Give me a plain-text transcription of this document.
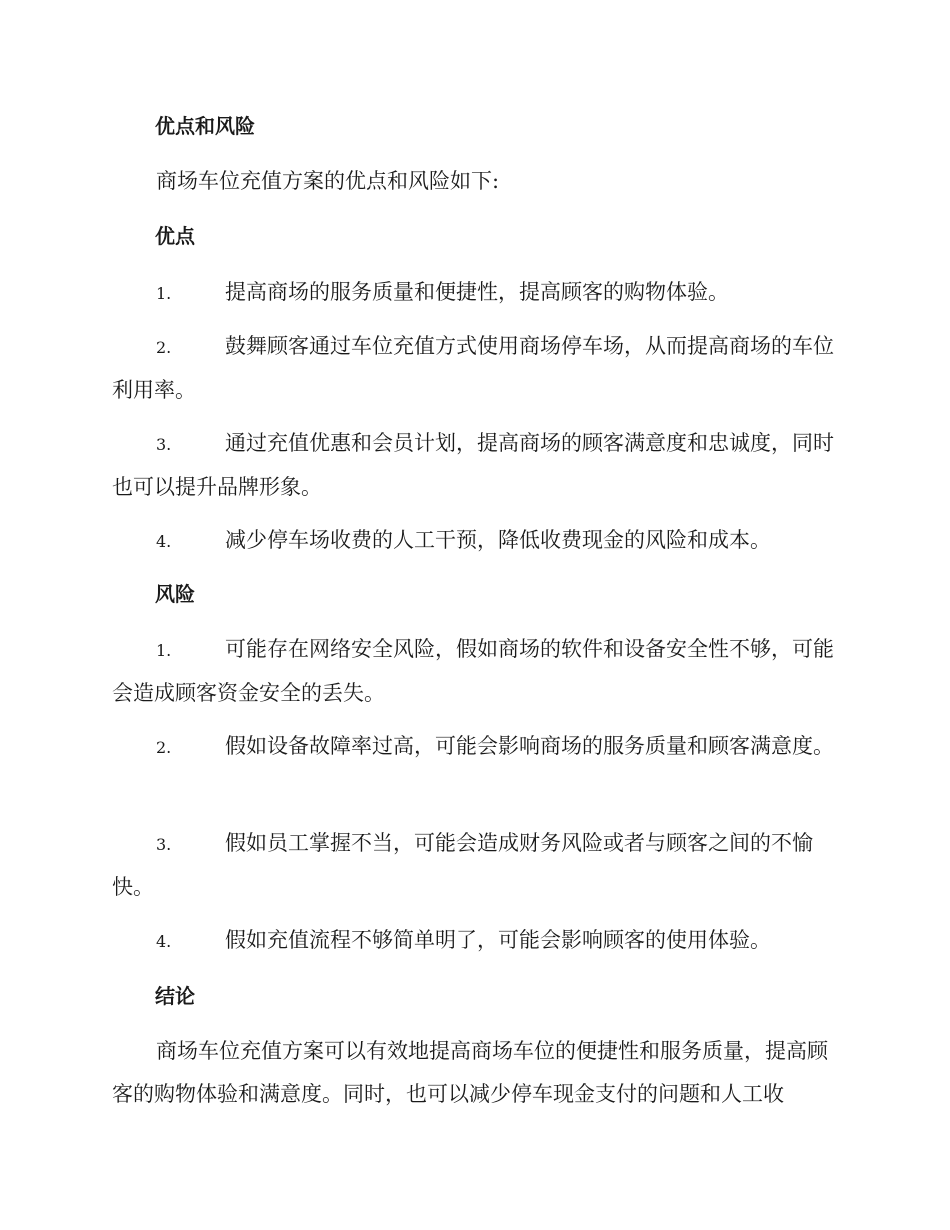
优点和风险

商场车位充值方案的优点和风险如下:

优点

1.	提高商场的服务质量和便捷性，提高顾客的购物体验。

2.	鼓舞顾客通过车位充值方式使用商场停车场，从而提高商场的车位利用率。

3.	通过充值优惠和会员计划，提高商场的顾客满意度和忠诚度，同时也可以提升品牌形象。

4.	减少停车场收费的人工干预，降低收费现金的风险和成本。

风险

1.	可能存在网络安全风险，假如商场的软件和设备安全性不够，可能会造成顾客资金安全的丢失。

2.	假如设备故障率过高，可能会影响商场的服务质量和顾客满意度。

3.	假如员工掌握不当，可能会造成财务风险或者与顾客之间的不愉快。

4.	假如充值流程不够简单明了，可能会影响顾客的使用体验。

结论

商场车位充值方案可以有效地提高商场车位的便捷性和服务质量，提高顾客的购物体验和满意度。同时，也可以减少停车现金支付的问题和人工收
